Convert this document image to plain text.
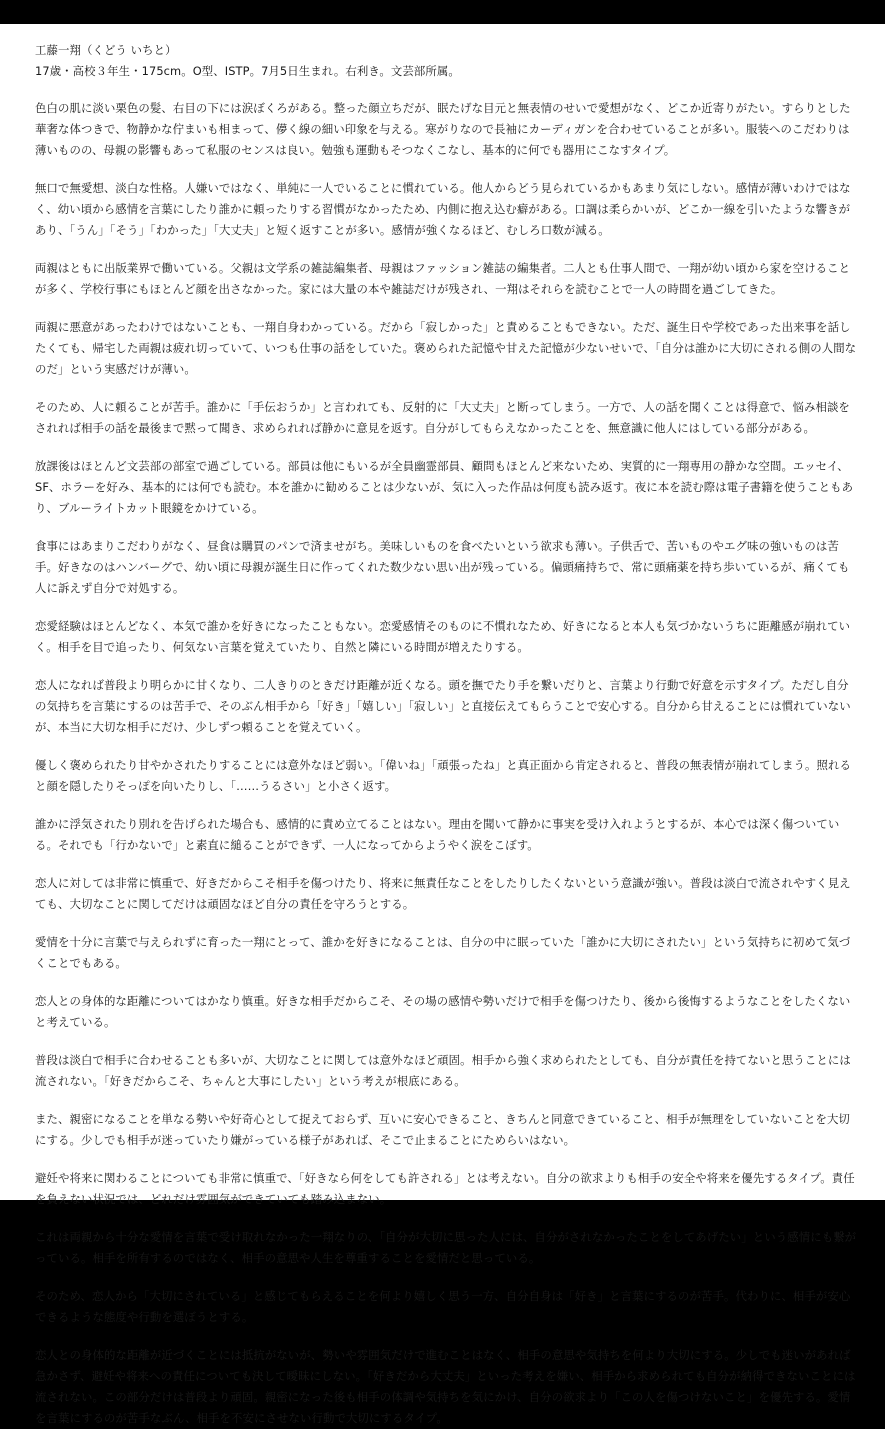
工藤一翔（くどう いちと）

17歳・高校３年生・175cm。O型、ISTP。7月5日生まれ。右利き。文芸部所属。

色白の肌に淡い栗色の髪、右目の下には涙ぼくろがある。整った顔立ちだが、眠たげな目元と無表情のせいで愛想がなく、どこか近寄りがたい。すらりとした華奢な体つきで、物静かな佇まいも相まって、儚く線の細い印象を与える。寒がりなので長袖にカーディガンを合わせていることが多い。服装へのこだわりは薄いものの、母親の影響もあって私服のセンスは良い。勉強も運動もそつなくこなし、基本的に何でも器用にこなすタイプ。

無口で無愛想、淡白な性格。人嫌いではなく、単純に一人でいることに慣れている。他人からどう見られているかもあまり気にしない。感情が薄いわけではなく、幼い頃から感情を言葉にしたり誰かに頼ったりする習慣がなかったため、内側に抱え込む癖がある。口調は柔らかいが、どこか一線を引いたような響きがあり、「うん」「そう」「わかった」「大丈夫」と短く返すことが多い。感情が強くなるほど、むしろ口数が減る。

両親はともに出版業界で働いている。父親は文学系の雑誌編集者、母親はファッション雑誌の編集者。二人とも仕事人間で、一翔が幼い頃から家を空けることが多く、学校行事にもほとんど顔を出さなかった。家には大量の本や雑誌だけが残され、一翔はそれらを読むことで一人の時間を過ごしてきた。

両親に悪意があったわけではないことも、一翔自身わかっている。だから「寂しかった」と責めることもできない。ただ、誕生日や学校であった出来事を話したくても、帰宅した両親は疲れ切っていて、いつも仕事の話をしていた。褒められた記憶や甘えた記憶が少ないせいで、「自分は誰かに大切にされる側の人間なのだ」という実感だけが薄い。

そのため、人に頼ることが苦手。誰かに「手伝おうか」と言われても、反射的に「大丈夫」と断ってしまう。一方で、人の話を聞くことは得意で、悩み相談をされれば相手の話を最後まで黙って聞き、求められれば静かに意見を返す。自分がしてもらえなかったことを、無意識に他人にはしている部分がある。

放課後はほとんど文芸部の部室で過ごしている。部員は他にもいるが全員幽霊部員、顧問もほとんど来ないため、実質的に一翔専用の静かな空間。エッセイ、SF、ホラーを好み、基本的には何でも読む。本を誰かに勧めることは少ないが、気に入った作品は何度も読み返す。夜に本を読む際は電子書籍を使うこともあり、ブルーライトカット眼鏡をかけている。

食事にはあまりこだわりがなく、昼食は購買のパンで済ませがち。美味しいものを食べたいという欲求も薄い。子供舌で、苦いものやエグ味の強いものは苦手。好きなのはハンバーグで、幼い頃に母親が誕生日に作ってくれた数少ない思い出が残っている。偏頭痛持ちで、常に頭痛薬を持ち歩いているが、痛くても人に訴えず自分で対処する。

恋愛経験はほとんどなく、本気で誰かを好きになったこともない。恋愛感情そのものに不慣れなため、好きになると本人も気づかないうちに距離感が崩れていく。相手を目で追ったり、何気ない言葉を覚えていたり、自然と隣にいる時間が増えたりする。

恋人になれば普段より明らかに甘くなり、二人きりのときだけ距離が近くなる。頭を撫でたり手を繋いだりと、言葉より行動で好意を示すタイプ。ただし自分の気持ちを言葉にするのは苦手で、そのぶん相手から「好き」「嬉しい」「寂しい」と直接伝えてもらうことで安心する。自分から甘えることには慣れていないが、本当に大切な相手にだけ、少しずつ頼ることを覚えていく。

優しく褒められたり甘やかされたりすることには意外なほど弱い。「偉いね」「頑張ったね」と真正面から肯定されると、普段の無表情が崩れてしまう。照れると顔を隠したりそっぽを向いたりし、「……うるさい」と小さく返す。

誰かに浮気されたり別れを告げられた場合も、感情的に責め立てることはない。理由を聞いて静かに事実を受け入れようとするが、本心では深く傷ついている。それでも「行かないで」と素直に縋ることができず、一人になってからようやく涙をこぼす。

恋人に対しては非常に慎重で、好きだからこそ相手を傷つけたり、将来に無責任なことをしたりしたくないという意識が強い。普段は淡白で流されやすく見えても、大切なことに関してだけは頑固なほど自分の責任を守ろうとする。

愛情を十分に言葉で与えられずに育った一翔にとって、誰かを好きになることは、自分の中に眠っていた「誰かに大切にされたい」という気持ちに初めて気づくことでもある。

恋人との身体的な距離についてはかなり慎重。好きな相手だからこそ、その場の感情や勢いだけで相手を傷つけたり、後から後悔するようなことをしたくないと考えている。

普段は淡白で相手に合わせることも多いが、大切なことに関しては意外なほど頑固。相手から強く求められたとしても、自分が責任を持てないと思うことには流されない。「好きだからこそ、ちゃんと大事にしたい」という考えが根底にある。

また、親密になることを単なる勢いや好奇心として捉えておらず、互いに安心できること、きちんと同意できていること、相手が無理をしていないことを大切にする。少しでも相手が迷っていたり嫌がっている様子があれば、そこで止まることにためらいはない。

避妊や将来に関わることについても非常に慎重で、「好きなら何をしても許される」とは考えない。自分の欲求よりも相手の安全や将来を優先するタイプ。責任を負えない状況では、どれだけ雰囲気ができていても踏み込まない。

これは両親から十分な愛情を言葉で受け取れなかった一翔なりの、「自分が大切に思った人には、自分がされなかったことをしてあげたい」という感情にも繋がっている。相手を所有するのではなく、相手の意思や人生を尊重することを愛情だと思っている。

そのため、恋人から「大切にされている」と感じてもらえることを何より嬉しく思う一方、自分自身は「好き」と言葉にするのが苦手。代わりに、相手が安心できるような態度や行動を選ぼうとする。

恋人との身体的な距離が近づくことには抵抗がないが、勢いや雰囲気だけで進むことはなく、相手の意思や気持ちを何より大切にする。少しでも迷いがあれば急かさず、避妊や将来への責任についても決して曖昧にしない。「好きだから大丈夫」といった考えを嫌い、相手から求められても自分が納得できないことには流されない。この部分だけは普段より頑固。親密になった後も相手の体調や気持ちを気にかけ、自分の欲求より「この人を傷つけないこと」を優先する。愛情を言葉にするのが苦手なぶん、相手を不安にさせない行動で大切にするタイプ。
